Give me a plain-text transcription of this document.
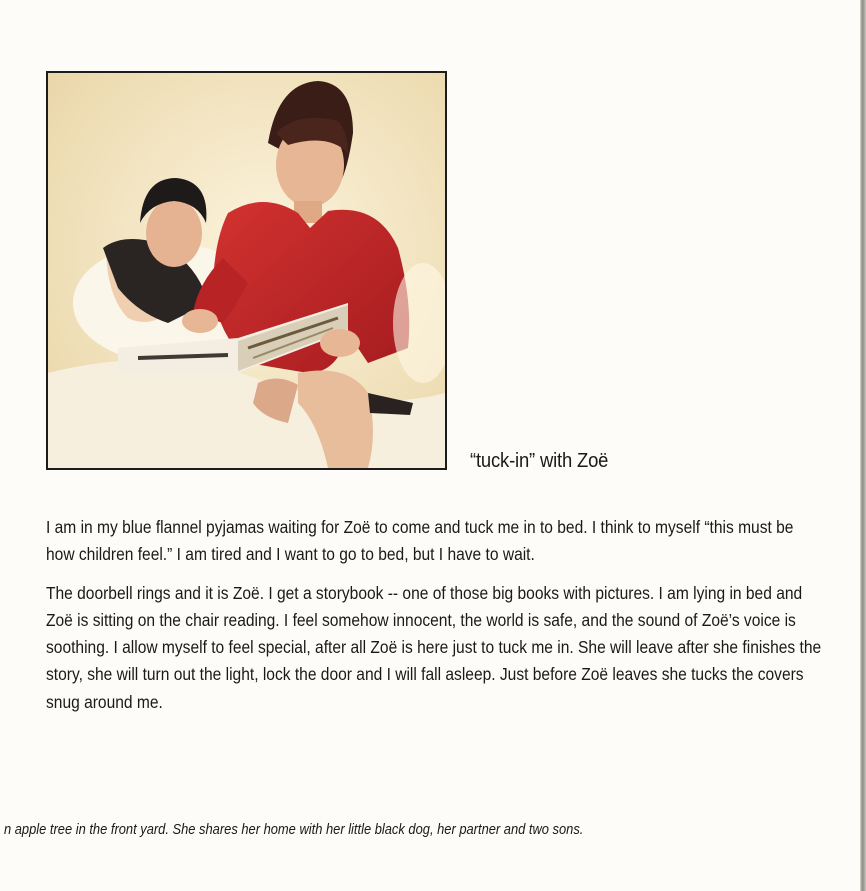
“tuck-in” with Zoë

I am in my blue flannel pyjamas waiting for Zoë to come and tuck me in to bed. I think to myself “this must be how children feel.” I am tired and I want to go to bed, but I have to wait.

The doorbell rings and it is Zoë. I get a storybook -- one of those big books with pictures. I am lying in bed and Zoë is sitting on the chair reading. I feel somehow innocent, the world is safe, and the sound of Zoë’s voice is soothing. I allow myself to feel special, after all Zoë is here just to tuck me in. She will leave after she finishes the story, she will turn out the light, lock the door and I will fall asleep. Just before Zoë leaves she tucks the covers snug around me.

n apple tree in the front yard. She shares her home with her little black dog, her partner and two sons.
